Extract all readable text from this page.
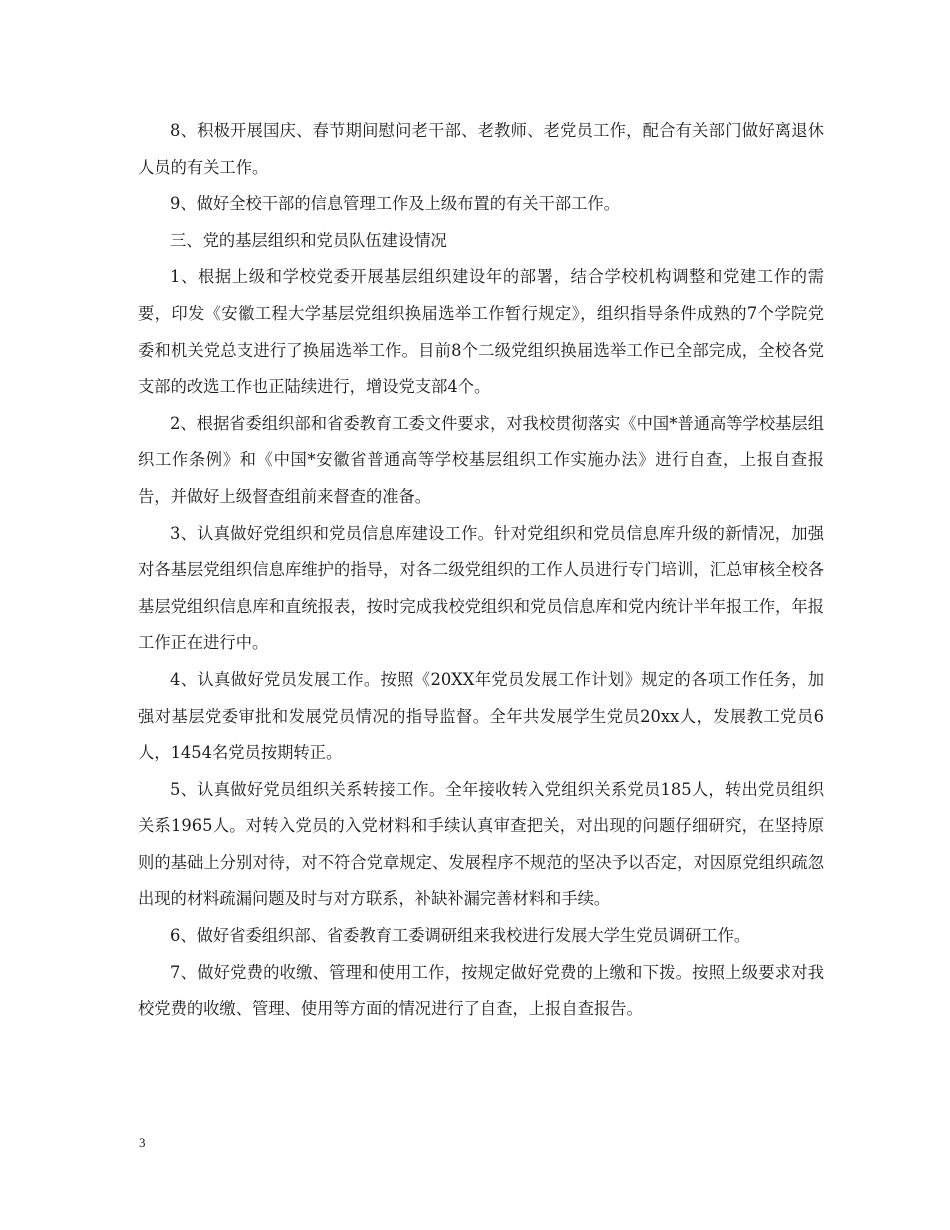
8、积极开展国庆、春节期间慰问老干部、老教师、老党员工作，配合有关部门做好离退休人员的有关工作。

9、做好全校干部的信息管理工作及上级布置的有关干部工作。

三、党的基层组织和党员队伍建设情况

1、根据上级和学校党委开展基层组织建设年的部署，结合学校机构调整和党建工作的需要，印发《安徽工程大学基层党组织换届选举工作暂行规定》，组织指导条件成熟的7个学院党委和机关党总支进行了换届选举工作。目前8个二级党组织换届选举工作已全部完成，全校各党支部的改选工作也正陆续进行，增设党支部4个。

2、根据省委组织部和省委教育工委文件要求，对我校贯彻落实《中国*普通高等学校基层组织工作条例》和《中国*安徽省普通高等学校基层组织工作实施办法》进行自查，上报自查报告，并做好上级督查组前来督查的准备。

3、认真做好党组织和党员信息库建设工作。针对党组织和党员信息库升级的新情况，加强对各基层党组织信息库维护的指导，对各二级党组织的工作人员进行专门培训，汇总审核全校各基层党组织信息库和直统报表，按时完成我校党组织和党员信息库和党内统计半年报工作，年报工作正在进行中。

4、认真做好党员发展工作。按照《20XX年党员发展工作计划》规定的各项工作任务，加强对基层党委审批和发展党员情况的指导监督。全年共发展学生党员20xx人，发展教工党员6人，1454名党员按期转正。

5、认真做好党员组织关系转接工作。全年接收转入党组织关系党员185人，转出党员组织关系1965人。对转入党员的入党材料和手续认真审查把关，对出现的问题仔细研究，在坚持原则的基础上分别对待，对不符合党章规定、发展程序不规范的坚决予以否定，对因原党组织疏忽出现的材料疏漏问题及时与对方联系，补缺补漏完善材料和手续。

6、做好省委组织部、省委教育工委调研组来我校进行发展大学生党员调研工作。

7、做好党费的收缴、管理和使用工作，按规定做好党费的上缴和下拨。按照上级要求对我校党费的收缴、管理、使用等方面的情况进行了自查，上报自查报告。

3
